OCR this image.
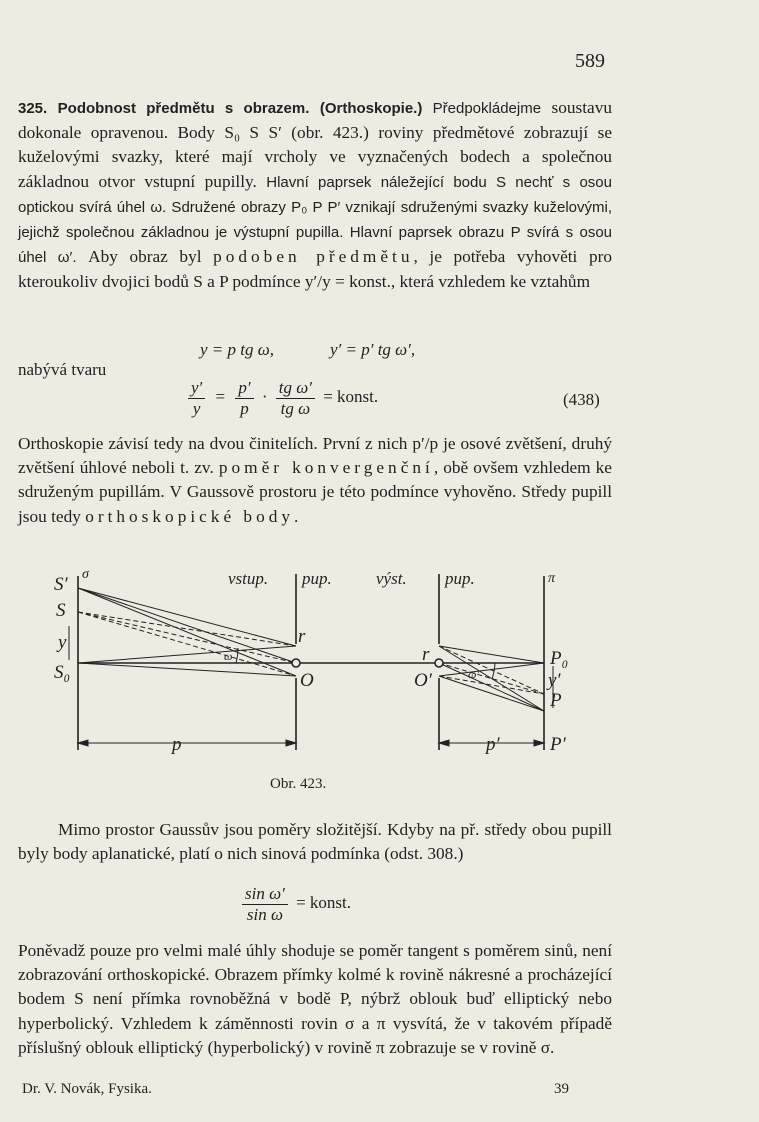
589

325. Podobnost předmětu s obrazem. (Orthoskopie.) Předpokládejme soustavu dokonale opravenou. Body S₀ S S′ (obr. 423.) roviny předmětové zobrazují se kuželovými svazky, které mají vrcholy ve vyznačených bodech a společnou základnou otvor vstupní pupilly. Hlavní paprsek náležející bodu S nechť s osou optickou svírá úhel ω. Sdružené obrazy P₀ P P′ vznikají sdruženými svazky kuželovými, jejichž společnou základnou je výstupní pupilla. Hlavní paprsek obrazu P svírá s osou úhel ω′. Aby obraz byl podoben předmětu, je potřeba vyhověti pro kteroukoliv dvojici bodů S a P podmínce y′/y = konst., která vzhledem ke vztahům

y = p tg ω,	y′ = p′ tg ω′,
nabývá tvaru
$\frac{y'}{y} = \frac{p'}{p} \cdot \frac{\text{tg ω′}}{\text{tg ω}}$ = konst.	(438)

Orthoskopie závisí tedy na dvou činitelích. První z nich p′/p je osové zvětšení, druhý zvětšení úhlové neboli t. zv. poměr konvergenční, obě ovšem vzhledem ke sdruženým pupillám. V Gaussově prostoru je této podmínce vyhověno. Středy pupill jsou tedy orthoskopické body.

S′
S
y
S₀
σ	vstup. pup.	výst. pup.	π
ω
ω′
r
r
O	O′
P₀
y′
P
P′
p	p′
Obr. 423.
Mimo prostor Gaussův jsou poměry složitější. Kdyby na př. středy obou pupill byly body aplanatické, platí o nich sinová podmínka (odst. 308.)
$\frac{\text{sin ω′}}{\text{sin ω}}$ = konst.
Poněvadž pouze pro velmi malé úhly shoduje se poměr tangent s poměrem sinů, není zobrazování orthoskopické. Obrazem přímky kolmé k rovině nákresné a procházející bodem S není přímka rovnoběžná v bodě P, nýbrž oblouk buď elliptický nebo hyperbolický. Vzhledem k zámĕnnosti rovin σ a π vysvítá, že v takovém případě příslušný oblouk elliptický (hyperbolický) v rovině π zobrazuje se v rovině σ.
Dr. V. Novák, Fysika.	39
